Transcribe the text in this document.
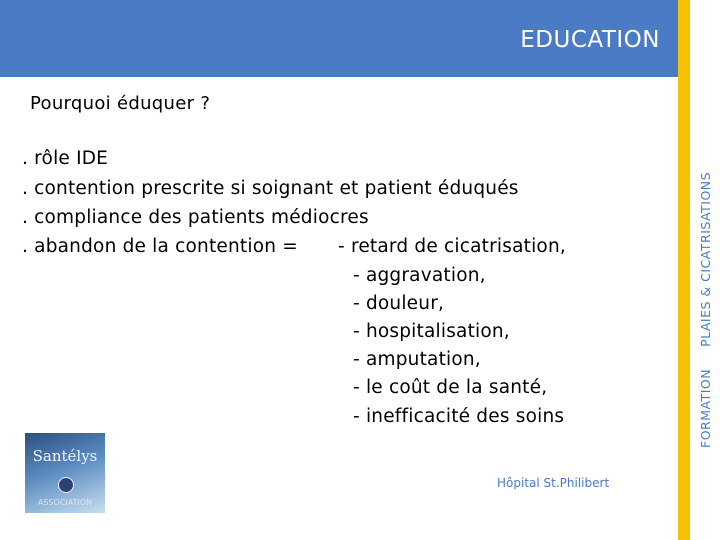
EDUCATION
FORMATIONPLAIES & CICATRISATIONS
Pourquoi éduquer ?
. rôle IDE
. contention prescrite si soignant et patient éduqués
. compliance des patients médiocres
. abandon de la contention = - retard de cicatrisation,
- aggravation,
- douleur,
- hospitalisation,
- amputation,
- le coût de la santé,
- inefficacité des soins
Santélys
ASSOCIATION
Hôpital St.Philibert
